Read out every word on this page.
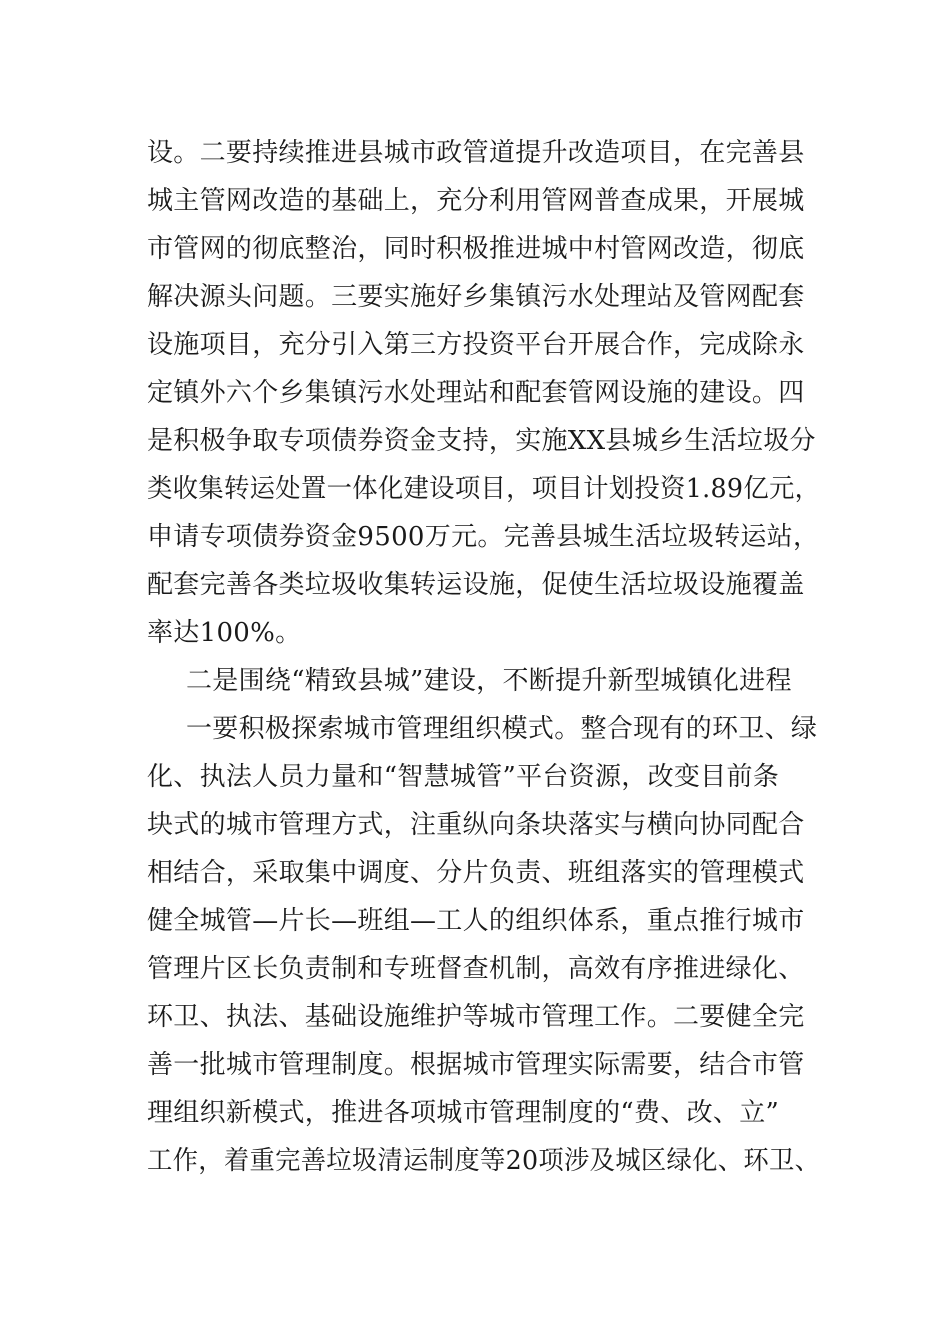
设。二要持续推进县城市政管道提升改造项目，在完善县
城主管网改造的基础上，充分利用管网普查成果，开展城
市管网的彻底整治，同时积极推进城中村管网改造，彻底
解决源头问题。三要实施好乡集镇污水处理站及管网配套
设施项目，充分引入第三方投资平台开展合作，完成除永
定镇外六个乡集镇污水处理站和配套管网设施的建设。四
是积极争取专项债券资金支持，实施XX县城乡生活垃圾分
类收集转运处置一体化建设项目，项目计划投资1.89亿元，
申请专项债券资金9500万元。完善县城生活垃圾转运站，
配套完善各类垃圾收集转运设施，促使生活垃圾设施覆盖
率达100%。
二是围绕“精致县城”建设，不断提升新型城镇化进程
一要积极探索城市管理组织模式。整合现有的环卫、绿
化、执法人员力量和“智慧城管”平台资源，改变目前条
块式的城市管理方式，注重纵向条块落实与横向协同配合
相结合，采取集中调度、分片负责、班组落实的管理模式
健全城管—片长—班组—工人的组织体系，重点推行城市
管理片区长负责制和专班督查机制，高效有序推进绿化、
环卫、执法、基础设施维护等城市管理工作。二要健全完
善一批城市管理制度。根据城市管理实际需要，结合市管
理组织新模式，推进各项城市管理制度的“费、改、立”
工作，着重完善垃圾清运制度等20项涉及城区绿化、环卫、
